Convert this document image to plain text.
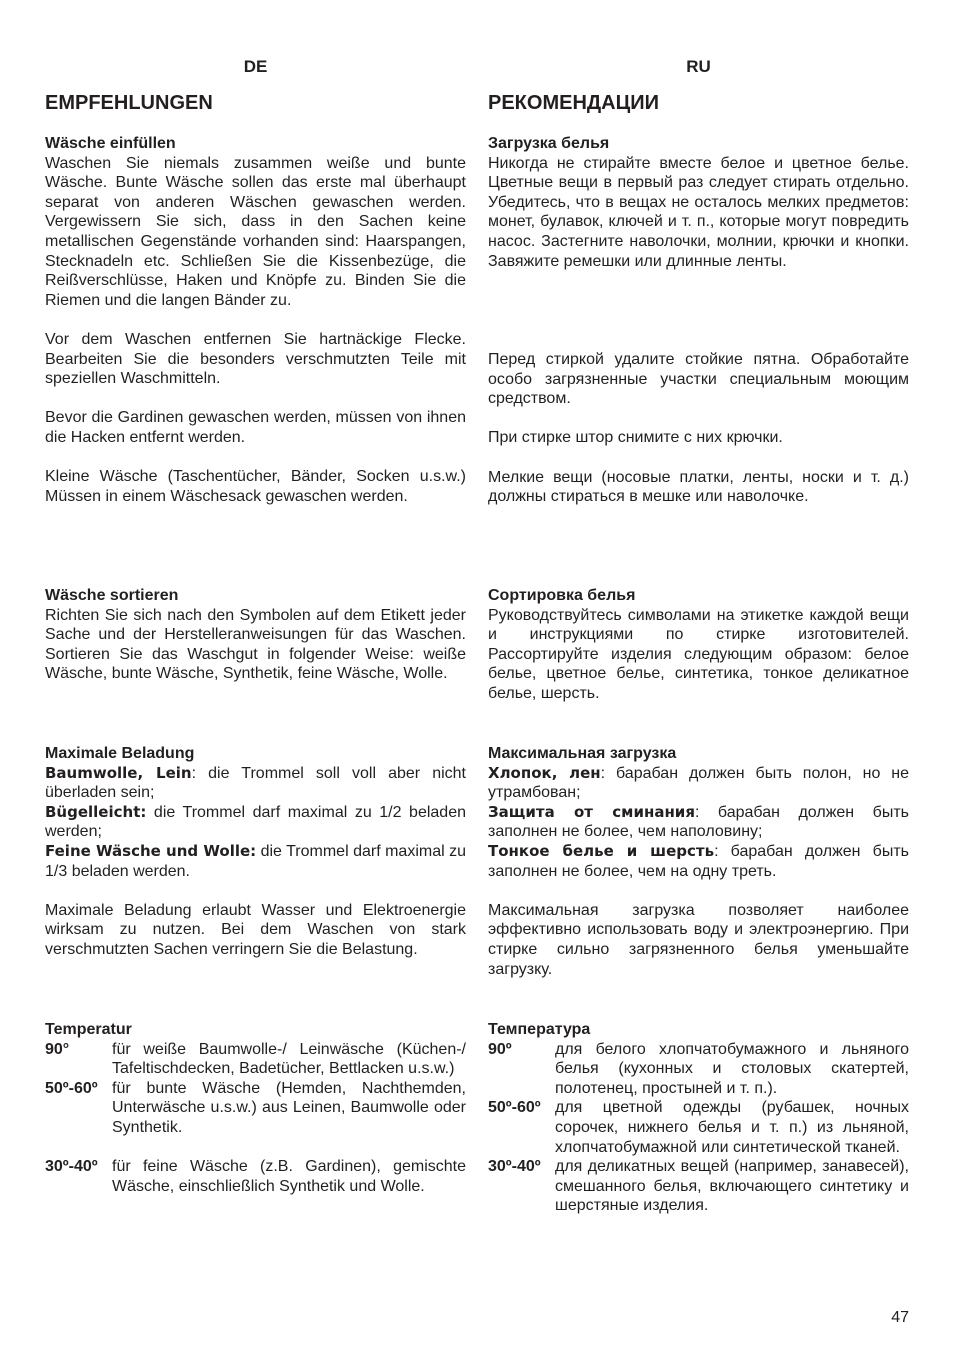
DE
EMPFEHLUNGEN
Wäsche einfüllen

Waschen Sie niemals zusammen weiße und bunte Wäsche. Bunte Wäsche sollen das erste mal überhaupt separat von anderen Wäschen gewaschen werden. Vergewissern Sie sich, dass in den Sachen keine metallischen Gegenstände vorhanden sind: Haarspangen, Stecknadeln etc. Schließen Sie die Kissenbezüge, die Reißverschlüsse, Haken und Knöpfe zu. Binden Sie die Riemen und die langen Bänder zu.

Vor dem Waschen entfernen Sie hartnäckige Flecke. Bearbeiten Sie die besonders verschmutzten Teile mit speziellen Waschmitteln.

Bevor die Gardinen gewaschen werden, müssen von ihnen die Hacken entfernt werden.

Kleine Wäsche (Taschentücher, Bänder, Socken u.s.w.) Müssen in einem Wäschesack gewaschen werden.

Wäsche sortieren

Richten Sie sich nach den Symbolen auf dem Etikett jeder Sache und der Herstelleranweisungen für das Waschen. Sortieren Sie das Waschgut in folgender Weise: weiße Wäsche, bunte Wäsche, Synthetik, feine Wäsche, Wolle.

Maximale Beladung

Baumwolle, Lein: die Trommel soll voll aber nicht überladen sein;

Bügelleicht: die Trommel darf maximal zu 1/2 beladen werden;

Feine Wäsche und Wolle: die Trommel darf maximal zu 1/3 beladen werden.

Maximale Beladung erlaubt Wasser und Elektroenergie wirksam zu nutzen. Bei dem Waschen von stark verschmutzten Sachen verringern Sie die Belastung.

Temperatur
90°	für weiße Baumwolle-/ Leinwäsche (Küchen-/ Tafeltischdecken, Badetücher, Bettlacken u.s.w.)
50º-60º für bunte Wäsche (Hemden, Nachthemden, Unterwäsche u.s.w.) aus Leinen, Baumwolle oder Synthetik.
30º-40º für feine Wäsche (z.B. Gardinen), gemischte Wäsche, einschließlich Synthetik und Wolle.
RU
РЕКОМЕНДАЦИИ
Загрузка белья

Никогда не стирайте вместе белое и цветное белье. Цветные вещи в первый раз следует стирать отдельно. Убедитесь, что в вещах не осталось мелких предметов: монет, булавок, ключей и т. п., которые могут повредить насос. Застегните наволочки, молнии, крючки и кнопки. Завяжите ремешки или длинные ленты.

Перед стиркой удалите стойкие пятна. Обработайте особо загрязненные участки специальным моющим средством.

При стирке штор снимите с них крючки.

Мелкие вещи (носовые платки, ленты, носки и т. д.) должны стираться в мешке или наволочке.

Сортировка белья

Руководствуйтесь символами на этикетке каждой вещи и инструкциями по стирке изготовителей. Рассортируйте изделия следующим образом: белое белье, цветное белье, синтетика, тонкое деликатное белье, шерсть.

Максимальная загрузка

Хлопок, лен: барабан должен быть полон, но не утрамбован;

Защита от сминания: барабан должен быть заполнен не более, чем наполовину;

Тонкое белье и шерсть: барабан должен быть заполнен не более, чем на одну треть.

Максимальная загрузка позволяет наиболее эффективно использовать воду и электроэнергию. При стирке сильно загрязненного белья уменьшайте загрузку.

Температура
90º	для белого хлопчатобумажного и льняного белья (кухонных и столовых скатертей, полотенец, простыней и т. п.).
50º-60º для цветной одежды (рубашек, ночных сорочек, нижнего белья и т. п.) из льняной, хлопчатобумажной или синтетической тканей.
30º-40º для деликатных вещей (например, занавесей), смешанного белья, включающего синтетику и шерстяные изделия.
47
